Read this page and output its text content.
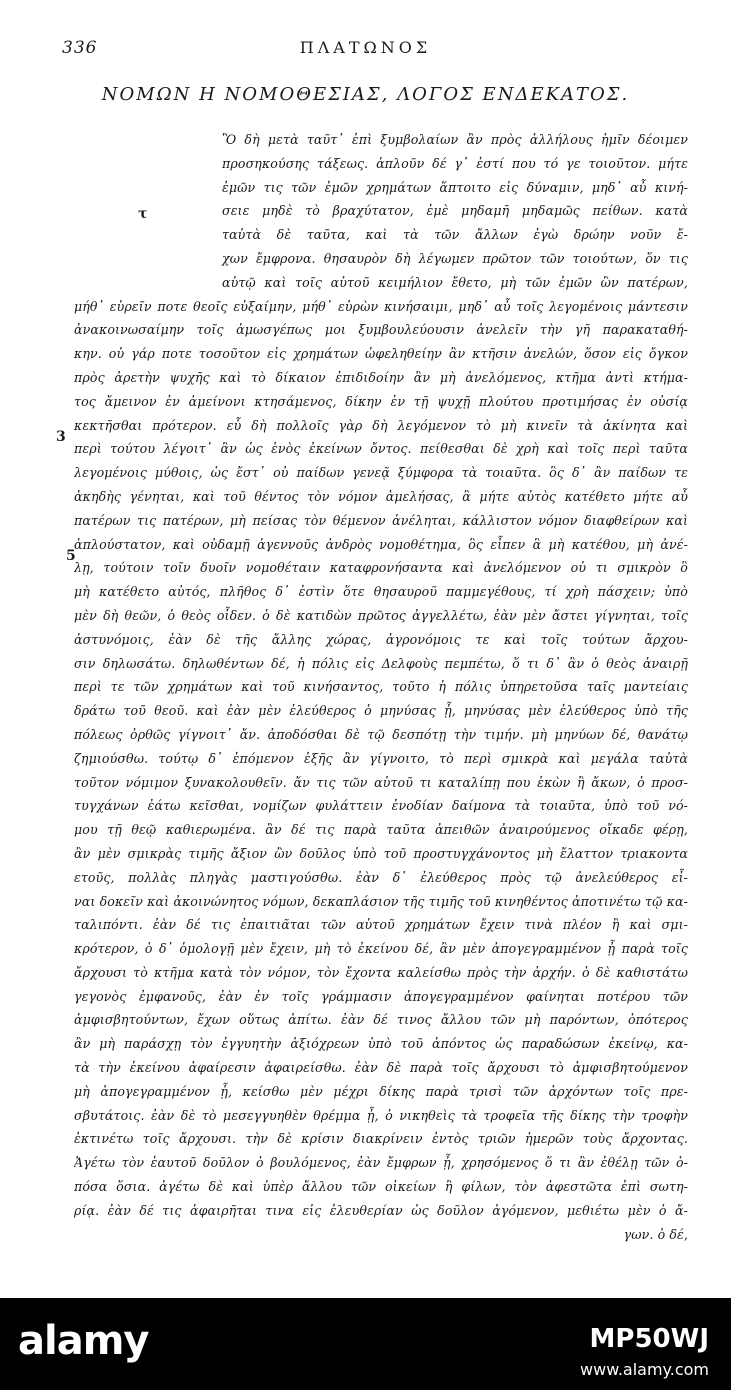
336	ΠΛΑΤΩΝΟΣ
ΝΟΜΩΝ Η ΝΟΜΟΘΕΣΙΑΣ, ΛΟΓΟΣ ΕΝΔΕΚΑΤΟΣ.
τ
3
5
Ὃ δὴ μετὰ ταῦτ᾽ ἐπὶ ξυμβολαίων ἂν πρὸς ἀλλήλους ἡμῖν δέοιμεν
προσηκούσης τάξεως. ἁπλοῦν δέ γ᾽ ἐστί που τό γε τοιοῦτον. μήτε
ἐμῶν τις τῶν ἐμῶν χρημάτων ἅπτοιτο εἰς δύναμιν, μηδ᾽ αὖ κινή-
σειε μηδὲ τὸ βραχύτατον, ἐμὲ μηδαμῆ μηδαμῶς πείθων. κατὰ
ταὐτὰ δὲ ταῦτα, καὶ τὰ τῶν ἄλλων ἐγὼ δρώην νοῦν ἔ-
χων ἔμφρονα. θησαυρὸν δὴ λέγωμεν πρῶτον τῶν τοιούτων, ὅν τις
αὑτῷ καὶ τοῖς αὑτοῦ κειμήλιον ἔθετο, μὴ τῶν ἐμῶν ὢν πατέρων,
μήθ᾽ εὑρεῖν ποτε θεοῖς εὐξαίμην, μήθ᾽ εὑρὼν κινήσαιμι, μηδ᾽ αὖ τοῖς λεγομένοις μάντεσιν
ἀνακοινωσαίμην τοῖς ἁμωσγέπως μοι ξυμβουλεύουσιν ἀνελεῖν τὴν γῆ παρακαταθή-
κην. οὐ γάρ ποτε τοσοῦτον εἰς χρημάτων ὠφεληθείην ἂν κτῆσιν ἀνελών, ὅσον εἰς ὄγκον
πρὸς ἀρετὴν ψυχῆς καὶ τὸ δίκαιον ἐπιδιδοίην ἂν μὴ ἀνελόμενος, κτῆμα ἀντὶ κτήμα-
τος ἄμεινον ἐν ἀμείνονι κτησάμενος, δίκην ἐν τῇ ψυχῇ πλούτου προτιμήσας ἐν οὐσίᾳ
κεκτῆσθαι πρότερον. εὖ δὴ πολλοῖς γὰρ δὴ λεγόμενον τὸ μὴ κινεῖν τὰ ἀκίνητα καὶ
περὶ τούτου λέγοιτ᾽ ἂν ὡς ἑνὸς ἐκείνων ὄντος. πείθεσθαι δὲ χρὴ καὶ τοῖς περὶ ταῦτα
λεγομένοις μύθοις, ὡς ἔστ᾽ οὐ παίδων γενεᾷ ξύμφορα τὰ τοιαῦτα. ὃς δ᾽ ἂν παίδων τε
ἀκηδὴς γένηται, καὶ τοῦ θέντος τὸν νόμον ἀμελήσας, ἃ μήτε αὐτὸς κατέθετο μήτε αὖ
πατέρων τις πατέρων, μὴ πείσας τὸν θέμενον ἀνέληται, κάλλιστον νόμον διαφθείρων καὶ
ἁπλούστατον, καὶ οὐδαμῇ ἀγεννοῦς ἀνδρὸς νομοθέτημα, ὃς εἶπεν ἃ μὴ κατέθου, μὴ ἀνέ-
λῃ, τούτοιν τοῖν δυοῖν νομοθέταιν καταφρονήσαντα καὶ ἀνελόμενον οὐ τι σμικρὸν ὃ
μὴ κατέθετο αὐτός, πλῆθος δ᾽ ἐστὶν ὅτε θησαυροῦ παμμεγέθους, τί χρὴ πάσχειν; ὑπὸ
μὲν δὴ θεῶν, ὁ θεὸς οἶδεν. ὁ δὲ κατιδὼν πρῶτος ἀγγελλέτω, ἐὰν μὲν ἄστει γίγνηται, τοῖς
ἀστυνόμοις, ἐὰν δὲ τῆς ἄλλης χώρας, ἀγρονόμοις τε καὶ τοῖς τούτων ἄρχου-
σιν δηλωσάτω. δηλωθέντων δέ, ἡ πόλις εἰς Δελφοὺς πεμπέτω, ὅ τι δ᾽ ἂν ὁ θεὸς ἀναιρῇ
περὶ τε τῶν χρημάτων καὶ τοῦ κινήσαντος, τοῦτο ἡ πόλις ὑπηρετοῦσα ταῖς μαντείαις
δράτω τοῦ θεοῦ. καὶ ἐὰν μὲν ἐλεύθερος ὁ μηνύσας ᾖ, μηνύσας μὲν ἐλεύθερος ὑπὸ τῆς
πόλεως ὀρθῶς γίγνοιτ᾽ ἄν. ἀποδόσθαι δὲ τῷ δεσπότῃ τὴν τιμήν. μὴ μηνύων δέ, θανάτῳ
ζημιούσθω. τούτῳ δ᾽ ἑπόμενον ἑξῆς ἂν γίγνοιτο, τὸ περὶ σμικρὰ καὶ μεγάλα ταὐτὰ
τοῦτον νόμιμον ξυνακολουθεῖν. ἄν τις τῶν αὑτοῦ τι καταλίπῃ που ἑκὼν ἢ ἄκων, ὁ προσ-
τυγχάνων ἐάτω κεῖσθαι, νομίζων φυλάττειν ἐνοδίαν δαίμονα τὰ τοιαῦτα, ὑπὸ τοῦ νό-
μου τῇ θεῷ καθιερωμένα. ἂν δέ τις παρὰ ταῦτα ἀπειθῶν ἀναιρούμενος οἴκαδε φέρῃ,
ἂν μὲν σμικρὰς τιμῆς ἄξιον ὢν δοῦλος ὑπὸ τοῦ προστυγχάνοντος μὴ ἔλαττον τριακοντα
ετοῦς, πολλὰς πληγὰς μαστιγούσθω. ἐὰν δ᾽ ἐλεύθερος πρὸς τῷ ἀνελεύθερος εἶ-
ναι δοκεῖν καὶ ἀκοινώνητος νόμων, δεκαπλάσιον τῆς τιμῆς τοῦ κινηθέντος ἀποτινέτω τῷ κα-
ταλιπόντι. ἐὰν δέ τις ἐπαιτιᾶται τῶν αὑτοῦ χρημάτων ἔχειν τινὰ πλέον ἢ καὶ σμι-
κρότερον, ὁ δ᾽ ὁμολογῇ μὲν ἔχειν, μὴ τὸ ἐκείνου δέ, ἂν μὲν ἀπογεγραμμένον ᾖ παρὰ τοῖς
ἄρχουσι τὸ κτῆμα κατὰ τὸν νόμον, τὸν ἔχοντα καλείσθω πρὸς τὴν ἀρχήν. ὁ δὲ καθιστάτω
γεγονὸς ἐμφανοῦς, ἐὰν ἐν τοῖς γράμμασιν ἀπογεγραμμένον φαίνηται ποτέρου τῶν
ἀμφισβητούντων, ἔχων οὕτως ἀπίτω. ἐὰν δέ τινος ἄλλου τῶν μὴ παρόντων, ὁπότερος
ἂν μὴ παράσχῃ τὸν ἐγγυητὴν ἀξιόχρεων ὑπὸ τοῦ ἀπόντος ὡς παραδώσων ἐκείνῳ, κα-
τὰ τὴν ἐκείνου ἀφαίρεσιν ἀφαιρείσθω. ἐὰν δὲ παρὰ τοῖς ἄρχουσι τὸ ἀμφισβητούμενον
μὴ ἀπογεγραμμένον ᾖ, κείσθω μὲν μέχρι δίκης παρὰ τρισὶ τῶν ἀρχόντων τοῖς πρε-
σβυτάτοις. ἐὰν δὲ τὸ μεσεγγυηθὲν θρέμμα ᾖ, ὁ νικηθεὶς τὰ τροφεῖα τῆς δίκης τὴν τροφὴν
ἐκτινέτω τοῖς ἄρχουσι. τὴν δὲ κρίσιν διακρίνειν ἐντὸς τριῶν ἡμερῶν τοὺς ἄρχοντας.
Ἀγέτω τὸν ἑαυτοῦ δοῦλον ὁ βουλόμενος, ἐὰν ἔμφρων ᾖ, χρησόμενος ὅ τι ἂν ἐθέλῃ τῶν ὁ-
πόσα ὅσια. ἀγέτω δὲ καὶ ὑπὲρ ἄλλου τῶν οἰκείων ἢ φίλων, τὸν ἀφεστῶτα ἐπὶ σωτη-
ρίᾳ. ἐὰν δέ τις ἀφαιρῆται τινα εἰς ἐλευθερίαν ὡς δοῦλον ἀγόμενον, μεθιέτω μὲν ὁ ἄ-
γων. ὁ δέ,
alamy	MP50WJ
www.alamy.com
